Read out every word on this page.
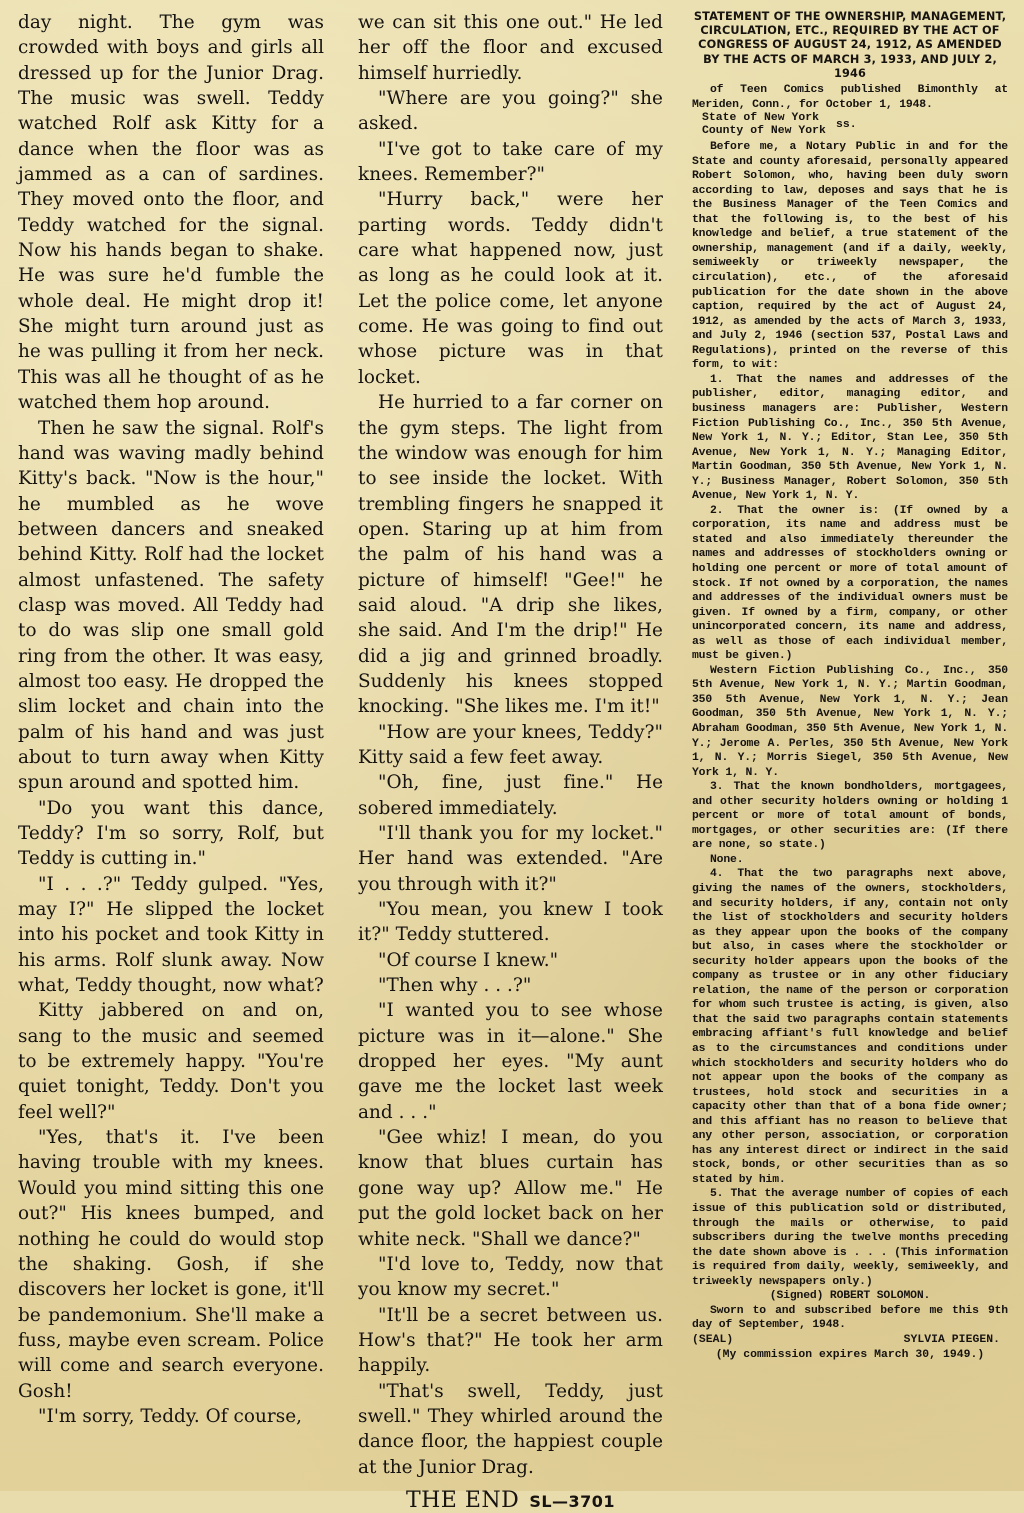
day night. The gym was crowded with boys and girls all dressed up for the Junior Drag. The music was swell. Teddy watched Rolf ask Kitty for a dance when the floor was as jammed as a can of sardines. They moved onto the floor, and Teddy watched for the signal. Now his hands began to shake. He was sure he'd fumble the whole deal. He might drop it! She might turn around just as he was pulling it from her neck. This was all he thought of as he watched them hop around.

Then he saw the signal. Rolf's hand was waving madly behind Kitty's back. "Now is the hour," he mumbled as he wove between dancers and sneaked behind Kitty. Rolf had the locket almost unfastened. The safety clasp was moved. All Teddy had to do was slip one small gold ring from the other. It was easy, almost too easy. He dropped the slim locket and chain into the palm of his hand and was just about to turn away when Kitty spun around and spotted him.

"Do you want this dance, Teddy? I'm so sorry, Rolf, but Teddy is cutting in."

"I . . .?" Teddy gulped. "Yes, may I?" He slipped the locket into his pocket and took Kitty in his arms. Rolf slunk away. Now what, Teddy thought, now what?

Kitty jabbered on and on, sang to the music and seemed to be extremely happy. "You're quiet tonight, Teddy. Don't you feel well?"

"Yes, that's it. I've been having trouble with my knees. Would you mind sitting this one out?" His knees bumped, and nothing he could do would stop the shaking. Gosh, if she discovers her locket is gone, it'll be pandemonium. She'll make a fuss, maybe even scream. Police will come and search everyone. Gosh!

"I'm sorry, Teddy. Of course,

we can sit this one out." He led her off the floor and excused himself hurriedly.

"Where are you going?" she asked.

"I've got to take care of my knees. Remember?"

"Hurry back," were her parting words. Teddy didn't care what happened now, just as long as he could look at it. Let the police come, let anyone come. He was going to find out whose picture was in that locket.

He hurried to a far corner on the gym steps. The light from the window was enough for him to see inside the locket. With trembling fingers he snapped it open. Staring up at him from the palm of his hand was a picture of himself! "Gee!" he said aloud. "A drip she likes, she said. And I'm the drip!" He did a jig and grinned broadly. Suddenly his knees stopped knocking. "She likes me. I'm it!"

"How are your knees, Teddy?" Kitty said a few feet away.

"Oh, fine, just fine." He sobered immediately.

"I'll thank you for my locket." Her hand was extended. "Are you through with it?"

"You mean, you knew I took it?" Teddy stuttered.

"Of course I knew."

"Then why . . .?"

"I wanted you to see whose picture was in it—alone." She dropped her eyes. "My aunt gave me the locket last week and . . ."

"Gee whiz! I mean, do you know that blues curtain has gone way up? Allow me." He put the gold locket back on her white neck. "Shall we dance?"

"I'd love to, Teddy, now that you know my secret."

"It'll be a secret between us. How's that?" He took her arm happily.

"That's swell, Teddy, just swell." They whirled around the dance floor, the happiest couple at the Junior Drag.

THE END SL—3701

STATEMENT OF THE OWNERSHIP, MANAGEMENT, CIRCULATION, ETC., REQUIRED BY THE ACT OF CONGRESS OF AUGUST 24, 1912, AS AMENDED BY THE ACTS OF MARCH 3, 1933, AND JULY 2, 1946

of Teen Comics published Bimonthly at Meriden, Conn., for October 1, 1948.

State of New York
County of New York
ss.

Before me, a Notary Public in and for the State and county aforesaid, personally appeared Robert Solomon, who, having been duly sworn according to law, deposes and says that he is the Business Manager of the Teen Comics and that the following is, to the best of his knowledge and belief, a true statement of the ownership, management (and if a daily, weekly, semiweekly or triweekly newspaper, the circulation), etc., of the aforesaid publication for the date shown in the above caption, required by the act of August 24, 1912, as amended by the acts of March 3, 1933, and July 2, 1946 (section 537, Postal Laws and Regulations), printed on the reverse of this form, to wit:

1. That the names and addresses of the publisher, editor, managing editor, and business managers are: Publisher, Western Fiction Publishing Co., Inc., 350 5th Avenue, New York 1, N. Y.; Editor, Stan Lee, 350 5th Avenue, New York 1, N. Y.; Managing Editor, Martin Goodman, 350 5th Avenue, New York 1, N. Y.; Business Manager, Robert Solomon, 350 5th Avenue, New York 1, N. Y.

2. That the owner is: (If owned by a corporation, its name and address must be stated and also immediately thereunder the names and addresses of stockholders owning or holding one percent or more of total amount of stock. If not owned by a corporation, the names and addresses of the individual owners must be given. If owned by a firm, company, or other unincorporated concern, its name and address, as well as those of each individual member, must be given.)

Western Fiction Publishing Co., Inc., 350 5th Avenue, New York 1, N. Y.; Martin Goodman, 350 5th Avenue, New York 1, N. Y.; Jean Goodman, 350 5th Avenue, New York 1, N. Y.; Abraham Goodman, 350 5th Avenue, New York 1, N. Y.; Jerome A. Perles, 350 5th Avenue, New York 1, N. Y.; Morris Siegel, 350 5th Avenue, New York 1, N. Y.

3. That the known bondholders, mortgagees, and other security holders owning or holding 1 percent or more of total amount of bonds, mortgages, or other securities are: (If there are none, so state.)

None.

4. That the two paragraphs next above, giving the names of the owners, stockholders, and security holders, if any, contain not only the list of stockholders and security holders as they appear upon the books of the company but also, in cases where the stockholder or security holder appears upon the books of the company as trustee or in any other fiduciary relation, the name of the person or corporation for whom such trustee is acting, is given, also that the said two paragraphs contain statements embracing affiant's full knowledge and belief as to the circumstances and conditions under which stockholders and security holders who do not appear upon the books of the company as trustees, hold stock and securities in a capacity other than that of a bona fide owner; and this affiant has no reason to believe that any other person, association, or corporation has any interest direct or indirect in the said stock, bonds, or other securities than as so stated by him.

5. That the average number of copies of each issue of this publication sold or distributed, through the mails or otherwise, to paid subscribers during the twelve months preceding the date shown above is . . . (This information is required from daily, weekly, semiweekly, and triweekly newspapers only.)

(Signed) ROBERT SOLOMON.

Sworn to and subscribed before me this 9th day of September, 1948.

(SEAL)	SYLVIA PIEGEN.

(My commission expires March 30, 1949.)
